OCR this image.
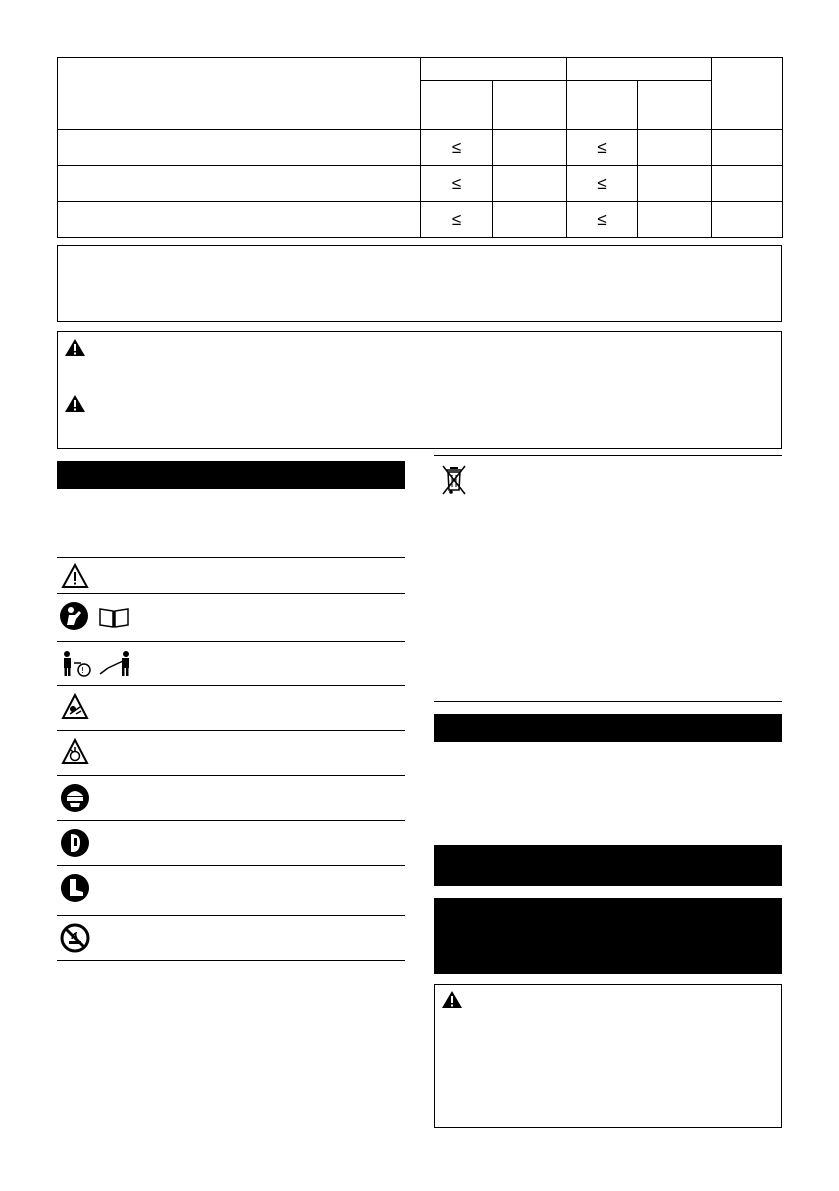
	≤		≤		
	≤		≤		
	≤		≤		
!
